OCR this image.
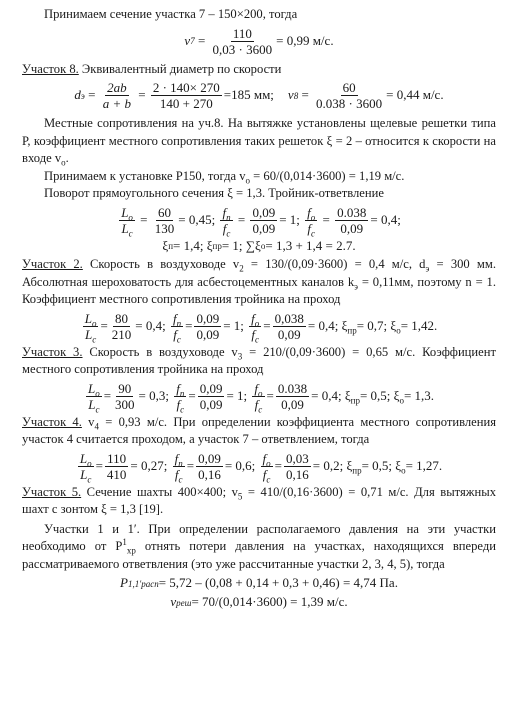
Принимаем сечение участка 7 – 150×200, тогда

v $7 = \frac{110}{0,03 \cdot 3600} = 0,99$ м/с.

Участок 8. Эквивалентный диаметр по скорости

d $э = \frac{2ab}{a + b} = \frac{2 \cdot 140\times 270}{140 + 270} =185$ мм; v $8 = \frac{60}{0.038 \cdot 3600} = 0,44$ м/с.

Местные сопротивления на уч.8. На вытяжке установлены щелевые решетки типа Р, коэффициент местного сопротивления таких решеток ξ = 2 – относится к скорости на входе $v_o$.

Принимаем к установке Р150, тогда $v_o = 60/(0,014\cdot 3600) = 1,19$ м/с.

Поворот прямоугольного сечения ξ = 1,3. Тройник-ответвление

$\frac{L_o}{L_c} = \frac{60}{130} = 0,45$;
$\frac{f_п}{f_c} = \frac{0,09}{0,09} = 1$;
$\frac{f_o}{f_c} = \frac{0.038}{0,09} = 0,4$;
ξ п = 1,4; ξ пр = 1; ∑ξ o = 1,3 + 1,4 = 2.7.

Участок 2. Скорость в воздуховоде $v_2 = 130/(0,09\cdot 3600) = 0,4$ м/с, $d_э = 300$ мм. Абсолютная шероховатость для асбестоцементных каналов $k_э = 0,11мм$, поэтому n = 1. Коэффициент местного сопротивления тройника на проход

$\frac{L_o}{L_c} = \frac{80}{210} = 0,4$;
$\frac{f_п}{f_c} = \frac{0,09}{0,09} = 1$;
$\frac{f_o}{f_c} = \frac{0,038}{0,09} = 0,4$;
$\xi_{пр}= 0,7$; $\xi_o= 1,42$.

Участок 3. Скорость в воздуховоде $v_3 = 210/(0,09\cdot 3600) = 0,65$ м/с. Коэффициент местного сопротивления тройника на проход

$\frac{L_o}{L_c} = \frac{90}{300} = 0,3$;
$\frac{f_п}{f_c} = \frac{0,09}{0,09} = 1$;
$\frac{f_o}{f_c} = \frac{0.038}{0,09} = 0,4$;
$\xi_{пр}= 0,5$; $\xi_o= 1,3$.

Участок 4. $v_4 = 0,93$ м/с. При определении коэффициента местного сопротивления участок 4 считается проходом, а участок 7 – ответвлением, тогда

$\frac{L_o}{L_c} = \frac{110}{410} = 0,27$;
$\frac{f_п}{f_c} = \frac{0,09}{0,16} = 0,6$;
$\frac{f_o}{f_c} = \frac{0,03}{0,16} = 0,2$;
$\xi_{пр}= 0,5$; $\xi_o= 1,27$.

Участок 5. Сечение шахты 400×400; $v_5 = 410/(0,16\cdot 3600) = 0,71$ м/с. Для вытяжных шахт с зонтом ξ = 1,3 [19].

Участки 1 и 1′. При определении располагаемого давления на эти участки необходимо от $P^1_{хр}$ отнять потери давления на участках, находящихся впереди рассматриваемого ответвления (это уже рассчитанные участки 2, 3, 4, 5), тогда

P 1,1′ расп = 5,72 – (0,08 + 0,14 + 0,3 + 0,46) = 4,74 Па.
v реш = 70/(0,014·3600) = 1,39 м/с.
